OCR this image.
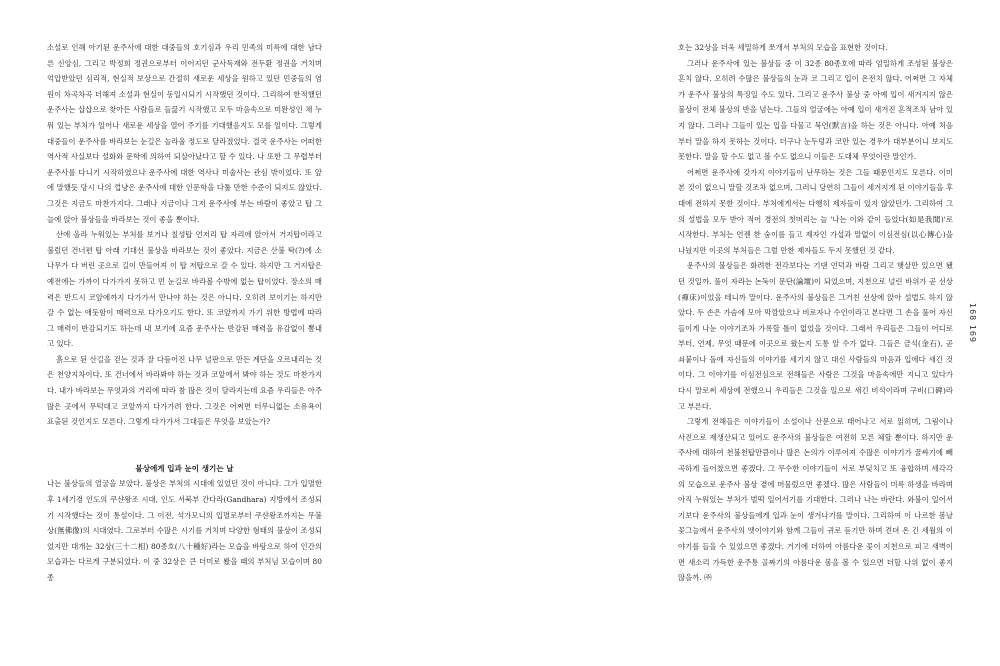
소설로 인해 아기된 운주사에 대한 대중들의 호기심과 우리 민족의 미륵에 대한 남다른 신앙심, 그리고 박정희 정권으로부터 이어지던 군사독재와 전두환 정권을 거치며 억압받았던 심리적, 현실적 보상으로 간절히 새로운 세상을 원하고 있던 민중들의 염원이 차곡차곡 더해져 소설과 현실이 동일시되기 시작했던 것이다. 그리하여 한적했던 운주사는 삽삽으로 찾아든 사람들로 들끓기 시작했고 모두 마음속으로 미완성인 채 누워 있는 부처가 일어나 새로운 세상을 열어 주기를 기대했음지도 모를 일이다. 그렇게 대중들이 운주사를 바라보는 눈길은 놀라울 정도로 달라졌었다. 결국 운주사는 어떠한 역사적 사실보다 설화와 문학에 의하여 되살아났다고 할 수 있다. 나 또한 그 무렵부터 운주사를 다니기 시작하였으나 운주사에 대한 역사나 미술사는 관심 밖이었다. 또 앞에 말했듯 당시 나의 껍냥은 운주사에 대한 인문학을 다툴 만한 수준이 되지도 않았다. 그것은 지금도 마찬가지다. 그래나 지금이나 그저 운주사에 부는 바람이 좋았고 탑 그늘에 앉아 불상들을 바라보는 것이 좋을 뿐이다.

산에 올라 누워있는 부처를 보거나 칠성탑 언저리 탑 자리에 앉아서 거지탑이라고 불렀던 건너편 탑 아래 기대선 불상을 바라보는 것이 좋았다. 지금은 산불 탁(?)에 소나무가 다 버린 곳으로 길이 만들어져 이 탑 저탑으로 갈 수 있다. 하지만 그 거지탑은 예전에는 가까이 다가가지 못하고 먼 눈길로 바라볼 수밖에 없는 탑이었다. 장소의 매력은 반드시 코앞에까지 다가가서 만나야 하는 것은 아니다. 오히려 보이기는 하지만 갈 수 없는 애둣함이 매력으로 다가오기도 한다. 또 코앞까지 가기 위한 방법에 따라 그 매력이 반감되기도 하는데 내 보기에 요즘 운주사는 반감된 매력을 유감없이 뽐내고 있다.

흙으로 된 산길을 걷는 것과 잘 다듬어진 나무 널판으로 만든 계단을 오르내리는 것은 천양지차이다. 또 건너에서 바라봐야 하는 것과 코앞에서 봐야 하는 것도 마찬가지다. 내가 바라보는 무엇과의 거리에 따라 참 많은 것이 달라지는데 요즘 우리들은 아주 많은 곳에서 무턱대고 코앞까지 다가가려 한다. 그것은 어쩌면 터무니없는 소유욕이 표출된 것인지도 모른다. 그렇게 다가가서 그대들은 무엇을 보았는가?

불상에게 입과 눈이 생기는 날

나는 불상들의 얼굴을 보았다. 불상은 부처의 시대에 있었던 것이 아니다. 그가 입멸한 후 1세기경 인도의 쿠샨왕조 시대, 인도 서북부 간다라(Gandhara) 지방에서 조성되기 시작했다는 것이 통설이다. 그 이전, 석가모니의 입멸로부터 쿠샨왕조까지는 무불상(無佛像)의 시대였다. 그로부터 수많은 시기를 거치며 다양한 형태의 불상이 조성되었지만 대개는 32상(三十二相) 80종호(八十種好)라는 모습을 바탕으로 하여 인간의 모습과는 다르게 구분되었다. 이 중 32상은 큰 더미로 봤을 때의 부처님 모습이며 80종

호는 32상을 더욱 세밀하게 쪼개서 부처의 모습을 표현한 것이다.

그러나 운주사에 있는 불상들 중 이 32종 80종호에 따라 엄밀하게 조성된 불상은 흔치 않다. 오히려 수많은 불상들의 눈과 코 그리고 입이 온전치 않다. 어쩌면 그 자체가 운주사 불상의 특징일 수도 있다. 그리고 운주사 불상 중 아예 입이 새겨지지 않은 불상이 전체 불상의 반을 넘는다. 그들의 얼굴에는 아예 입이 새겨진 흔적조차 남아 있지 않다. 그러나 그들이 있는 입을 다물고 묵언(默言)을 하는 것은 아니다. 아예 처음부터 말을 하지 못하는 것이다. 더구나 눈두덩과 코만 있는 경우가 대부분이니 보지도 못한다. 말을 할 수도 없고 볼 수도 없으니 이들은 도대체 무엇이란 말인가.

어쩌면 운주사에 갖가지 이야기들이 난무하는 것은 그들 때문인지도 모른다. 이미 본 것이 없으니 말할 것조차 없으며, 그러니 당연히 그들이 세겨지게 된 이야기들을 후대에 전하지 못한 것이다. 부처에게서는 다행히 제자들이 있지 않았던가. 그리하여 그의 설법을 모두 받아 적어 경전의 첫머리는 늘 '나는 이와 같이 들었다(如是我聞)'로 시작한다. 부처는 언젠 한 숨이를 들고 제자인 가섭과 말없이 이심전심(以心傳心)을 나눴지만 이곳의 부처들은 그럴 만한 제자들도 두지 못했던 것 같다.

운주사의 불상들은 화려한 전각보다는 기댄 언덕과 바람 그리고 햇살만 있으면 됐던 것일까. 풀이 자라는 논둑이 문단(論壇)이 되었으며, 지천으로 널린 바위가 곧 선상(禪床)이었을 테니까 말이다. 운주사의 불상들은 그거친 선상에 앉아 설법도 하지 않았다. 두 손은 가슴에 모아 막깜았으나 비로자나 수인이라고 본다면 그 손을 풀어 자신들이게 나눈 이야기조차 가록할 틀이 없었을 것이다. 그래서 우리들은 그들이 어디로부터, 언제, 무엇 때문에 이곳으로 왔는지 도통 알 수가 없다. 그들은 금석(金石), 곧 쇠붙이나 돌에 자신들의 이야기를 세기지 않고 대신 사람들의 마음과 입에다 새긴 것이다. 그 이야기를 이심전심으로 전해들은 사람은 그것을 마음속에만 지니고 있다가 다시 말로써 세상에 전했으니 우리들은 그것을 일으로 새긴 비석이라며 구비(口碑)라고 부른다.

그렇게 전해들은 이야기들이 소설이나 산문으로 태어나고 서로 읽히며, 그림이나 사진으로 재생산되고 있어도 운주사의 불상들은 여전히 모른 체할 뿐이다. 하지만 운주사에 대하여 천불천탑만큼이나 많은 논의가 이루어져 수많은 이야기가 꿀싸기에 빼곡하게 들어찼으면 좋겠다. 그 무수한 이야기들이 서로 부딪치고 또 융합하며 세각각의 모습으로 운주사 불상 곁에 머물렀으면 좋겠다. 많은 사람들이 미륵 하생을 바라며 아직 누워있는 부처가 벌떡 일어서기를 기대한다. 그러나 나는 바란다. 와불이 일어서기보다 운주사의 불상들에게 입과 눈이 생겨나기를 말이다. 그리하여 이 나르한 봄날 꽃그늘에서 운주사의 엣이야기와 함께 그들이 귀로 듣기만 하며 견뎌 온 긴 세월의 이야기를 들을 수 있었으면 좋겠다. 거기에 더하여 아름다운 꽃이 지천으로 피고 새벽이면 새소리 가득한 운주통 골짜기의 아름다운 봄을 볼 수 있으면 더할 나위 없이 좋지 않을까. ㈜

168 169
